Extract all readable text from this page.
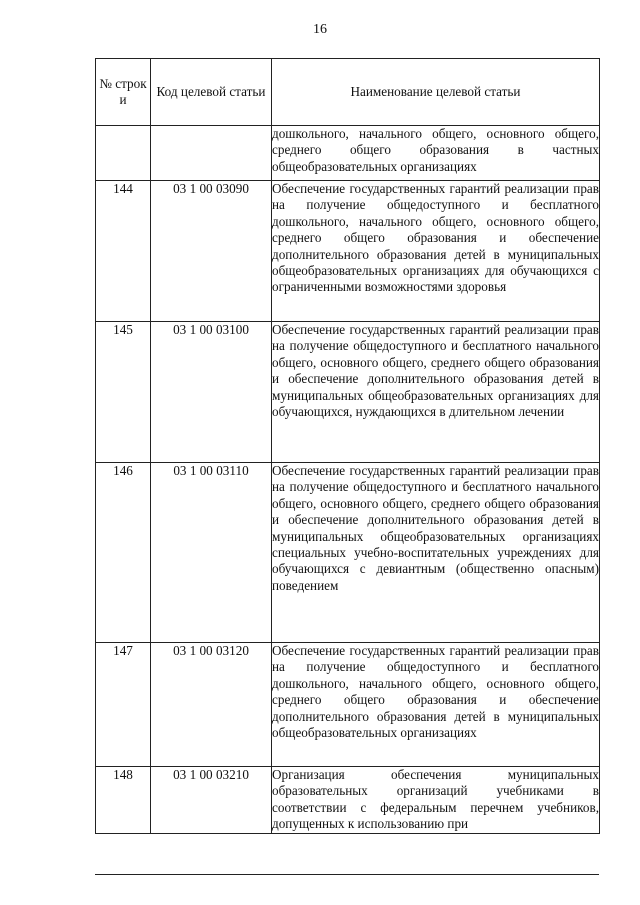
16
№ строк и	Код целевой статьи	Наименование целевой статьи
		дошкольного, начального общего, основного общего, среднего общего образования в частных общеобразовательных организациях
144	03 1 00 03090	Обеспечение государственных гарантий реализации прав на получение общедоступного и бесплатного дошкольного, начального общего, основного общего, среднего общего образования и обеспечение дополнительного образования детей в муниципальных общеобразовательных организациях для обучающихся с ограниченными возможностями здоровья
145	03 1 00 03100	Обеспечение государственных гарантий реализации прав на получение общедоступного и бесплатного начального общего, основного общего, среднего общего образования и обеспечение дополнительного образования детей в муниципальных общеобразовательных организациях для обучающихся, нуждающихся в длительном лечении
146	03 1 00 03110	Обеспечение государственных гарантий реализации прав на получение общедоступного и бесплатного начального общего, основного общего, среднего общего образования и обеспечение дополнительного образования детей в муниципальных общеобразовательных организациях специальных учебно-воспитательных учреждениях для обучающихся с девиантным (общественно опасным) поведением
147	03 1 00 03120	Обеспечение государственных гарантий реализации прав на получение общедоступного и бесплатного дошкольного, начального общего, основного общего, среднего общего образования и обеспечение дополнительного образования детей в муниципальных общеобразовательных организациях
148	03 1 00 03210	Организация обеспечения муниципальных образовательных организаций учебниками в соответствии с федеральным перечнем учебников, допущенных к использованию при
